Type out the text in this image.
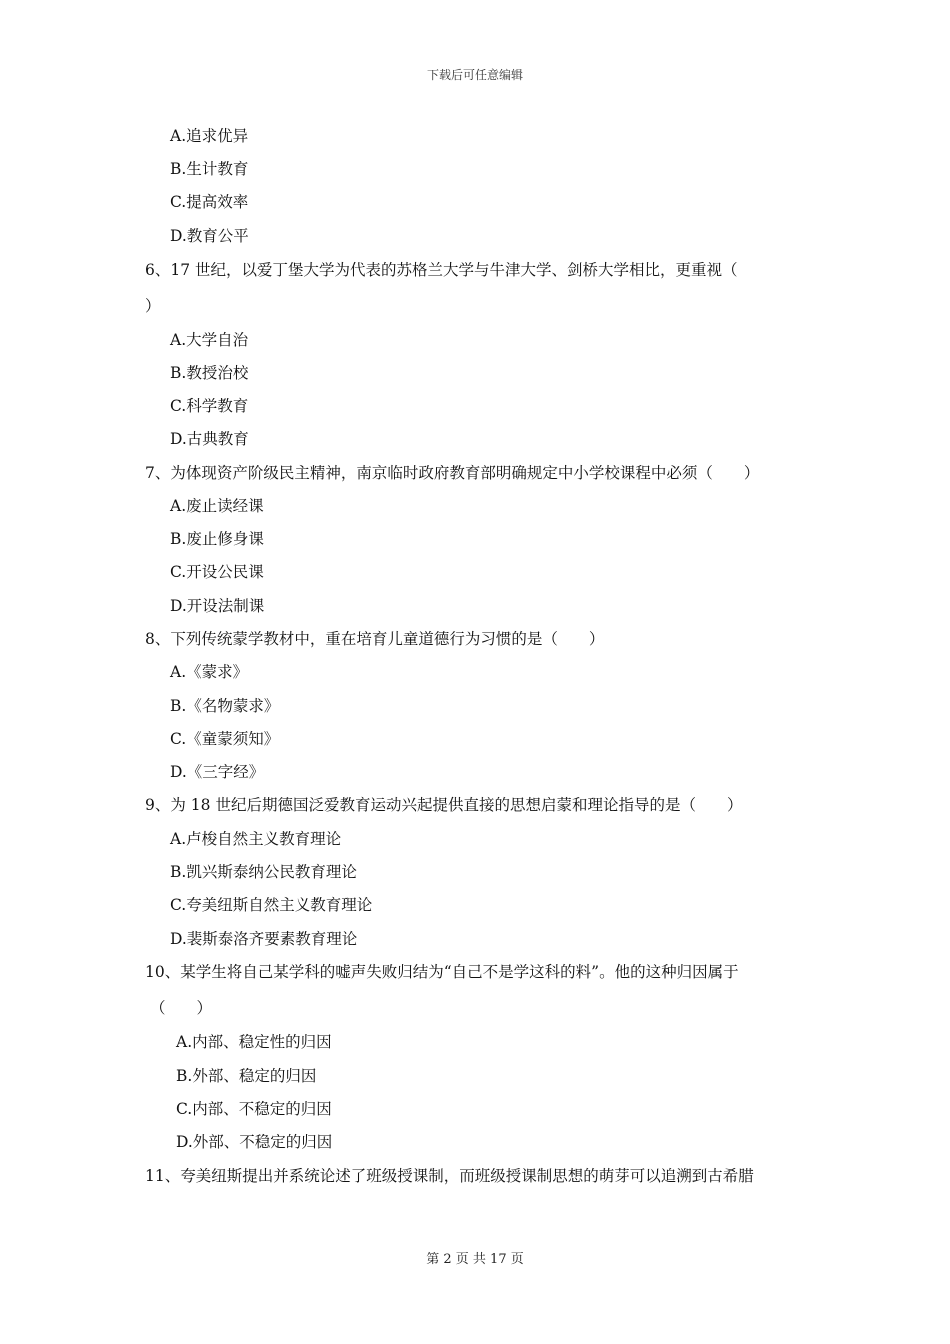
下载后可任意编辑
A.追求优异
B.生计教育
C.提高效率
D.教育公平
6、17 世纪，以爱丁堡大学为代表的苏格兰大学与牛津大学、剑桥大学相比，更重视（
）
A.大学自治
B.教授治校
C.科学教育
D.古典教育
7、为体现资产阶级民主精神，南京临时政府教育部明确规定中小学校课程中必须（　　）
A.废止读经课
B.废止修身课
C.开设公民课
D.开设法制课
8、下列传统蒙学教材中，重在培育儿童道德行为习惯的是（　　）
A.《蒙求》
B.《名物蒙求》
C.《童蒙须知》
D.《三字经》
9、为 18 世纪后期德国泛爱教育运动兴起提供直接的思想启蒙和理论指导的是（　　）
A.卢梭自然主义教育理论
B.凯兴斯泰纳公民教育理论
C.夸美纽斯自然主义教育理论
D.裴斯泰洛齐要素教育理论
10、某学生将自己某学科的嘘声失败归结为“自己不是学这科的料”。他的这种归因属于
（　　）
A.内部、稳定性的归因
B.外部、稳定的归因
C.内部、不稳定的归因
D.外部、不稳定的归因
11、夸美纽斯提出并系统论述了班级授课制，而班级授课制思想的萌芽可以追溯到古希腊
第 2 页 共 17 页
